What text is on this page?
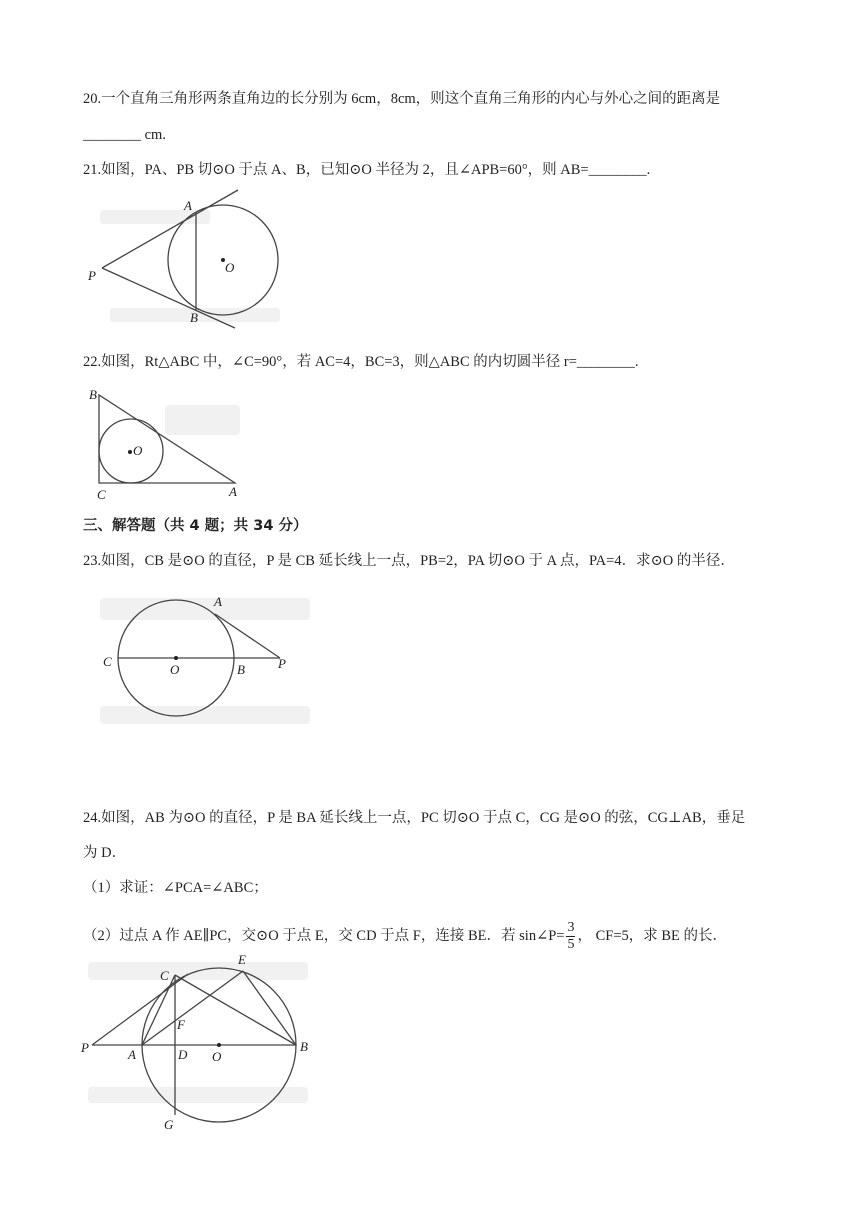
20.一个直角三角形两条直角边的长分别为 6cm，8cm，则这个直角三角形的内心与外心之间的距离是
________ cm.
21.如图，PA、PB 切⊙O 于点 A、B，已知⊙O 半径为 2，且∠APB=60°，则 AB=________.
A
B
P
O
22.如图，Rt△ABC 中，∠C=90°，若 AC=4，BC=3，则△ABC 的内切圆半径 r=________.
B
C	A
O
三、解答题（共 4 题；共 34 分）
23.如图，CB 是⊙O 的直径，P 是 CB 延长线上一点，PB=2，PA 切⊙O 于 A 点，PA=4．求⊙O 的半径．
A
C
O	B	P
24.如图，AB 为⊙O 的直径，P 是 BA 延长线上一点，PC 切⊙O 于点 C，CG 是⊙O 的弦，CG⊥AB，垂足
为 D．
（1）求证：∠PCA=∠ABC；
（2）过点 A 作 AE∥PC，交⊙O 于点 E，交 CD 于点 F，连接 BE．若 sin∠P= $\frac{3}{5}$ ， CF=5，求 BE 的长．
C
E
F
P	A	D O
B
G
